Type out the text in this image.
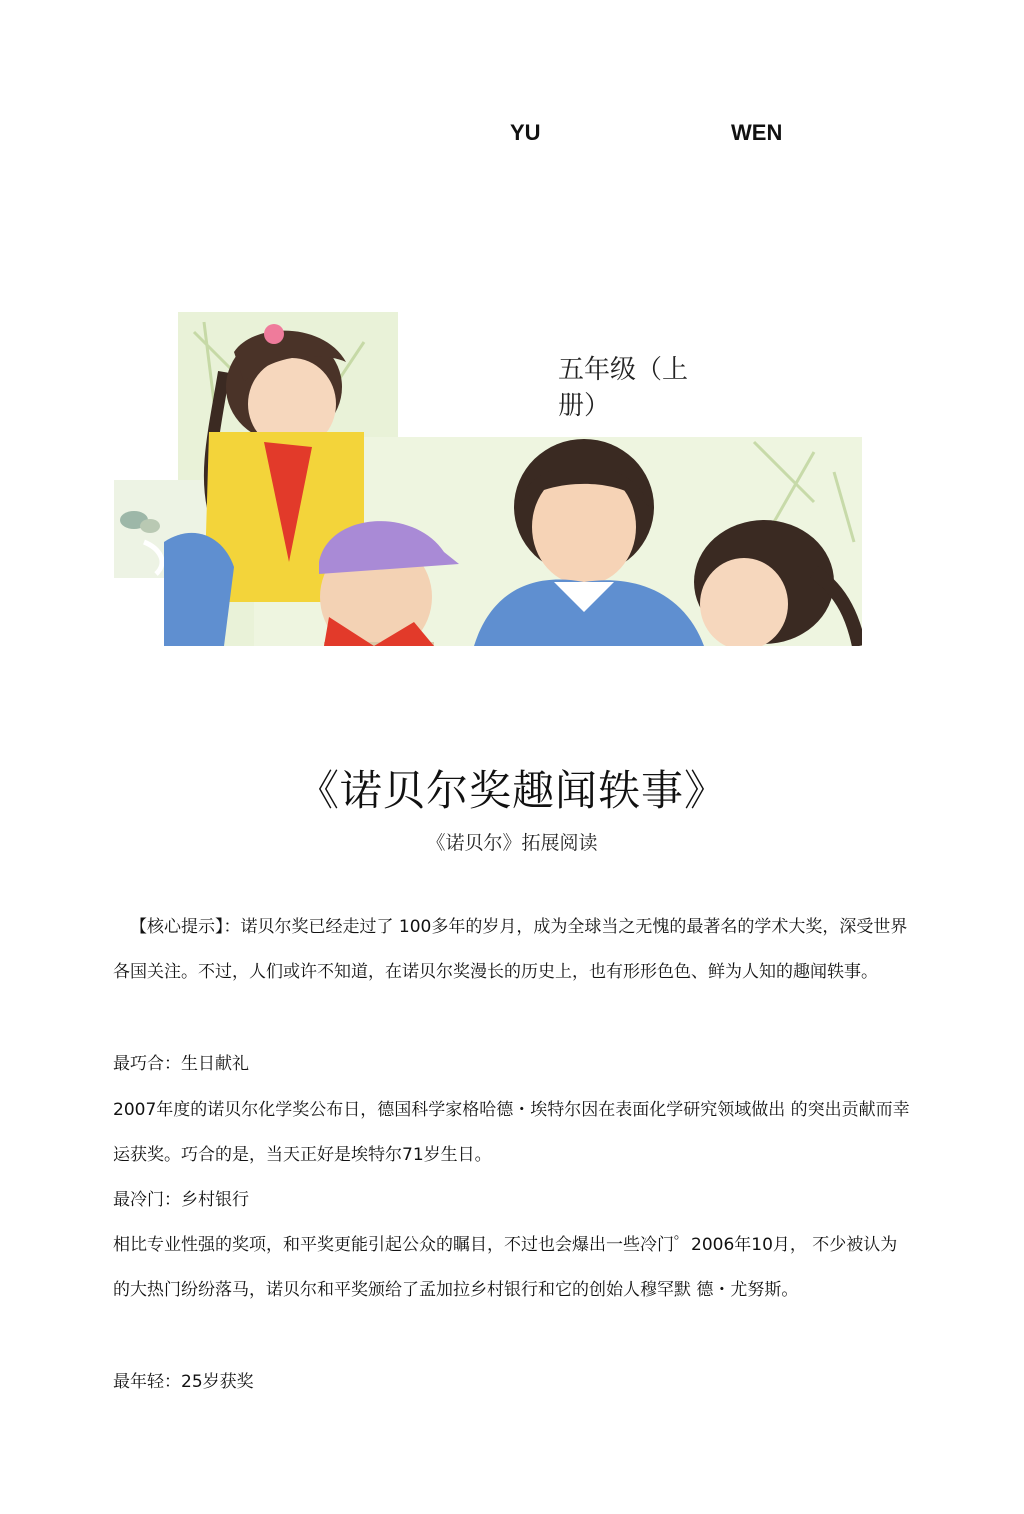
YU	WEN
五年级（上册）
《诺贝尔奖趣闻轶事》
《诺贝尔》拓展阅读
【核心提示】：诺贝尔奖已经走过了 100多年的岁月，成为全球当之无愧的最著名的学术大奖，深受世界各国关注。不过，人们或许不知道，在诺贝尔奖漫长的历史上，也有形形色色、鲜为人知的趣闻轶事。
最巧合：生日献礼
2007年度的诺贝尔化学奖公布日，德国科学家格哈德・埃特尔因在表面化学研究领域做出 的突出贡献而幸运获奖。巧合的是，当天正好是埃特尔71岁生日。
最冷门：乡村银行
相比专业性强的奖项，和平奖更能引起公众的瞩目，不过也会爆出一些冷门゜2006年10月， 不少被认为的大热门纷纷落马，诺贝尔和平奖颁给了孟加拉乡村银行和它的创始人穆罕默 德・尤努斯。
最年轻：25岁获奖
